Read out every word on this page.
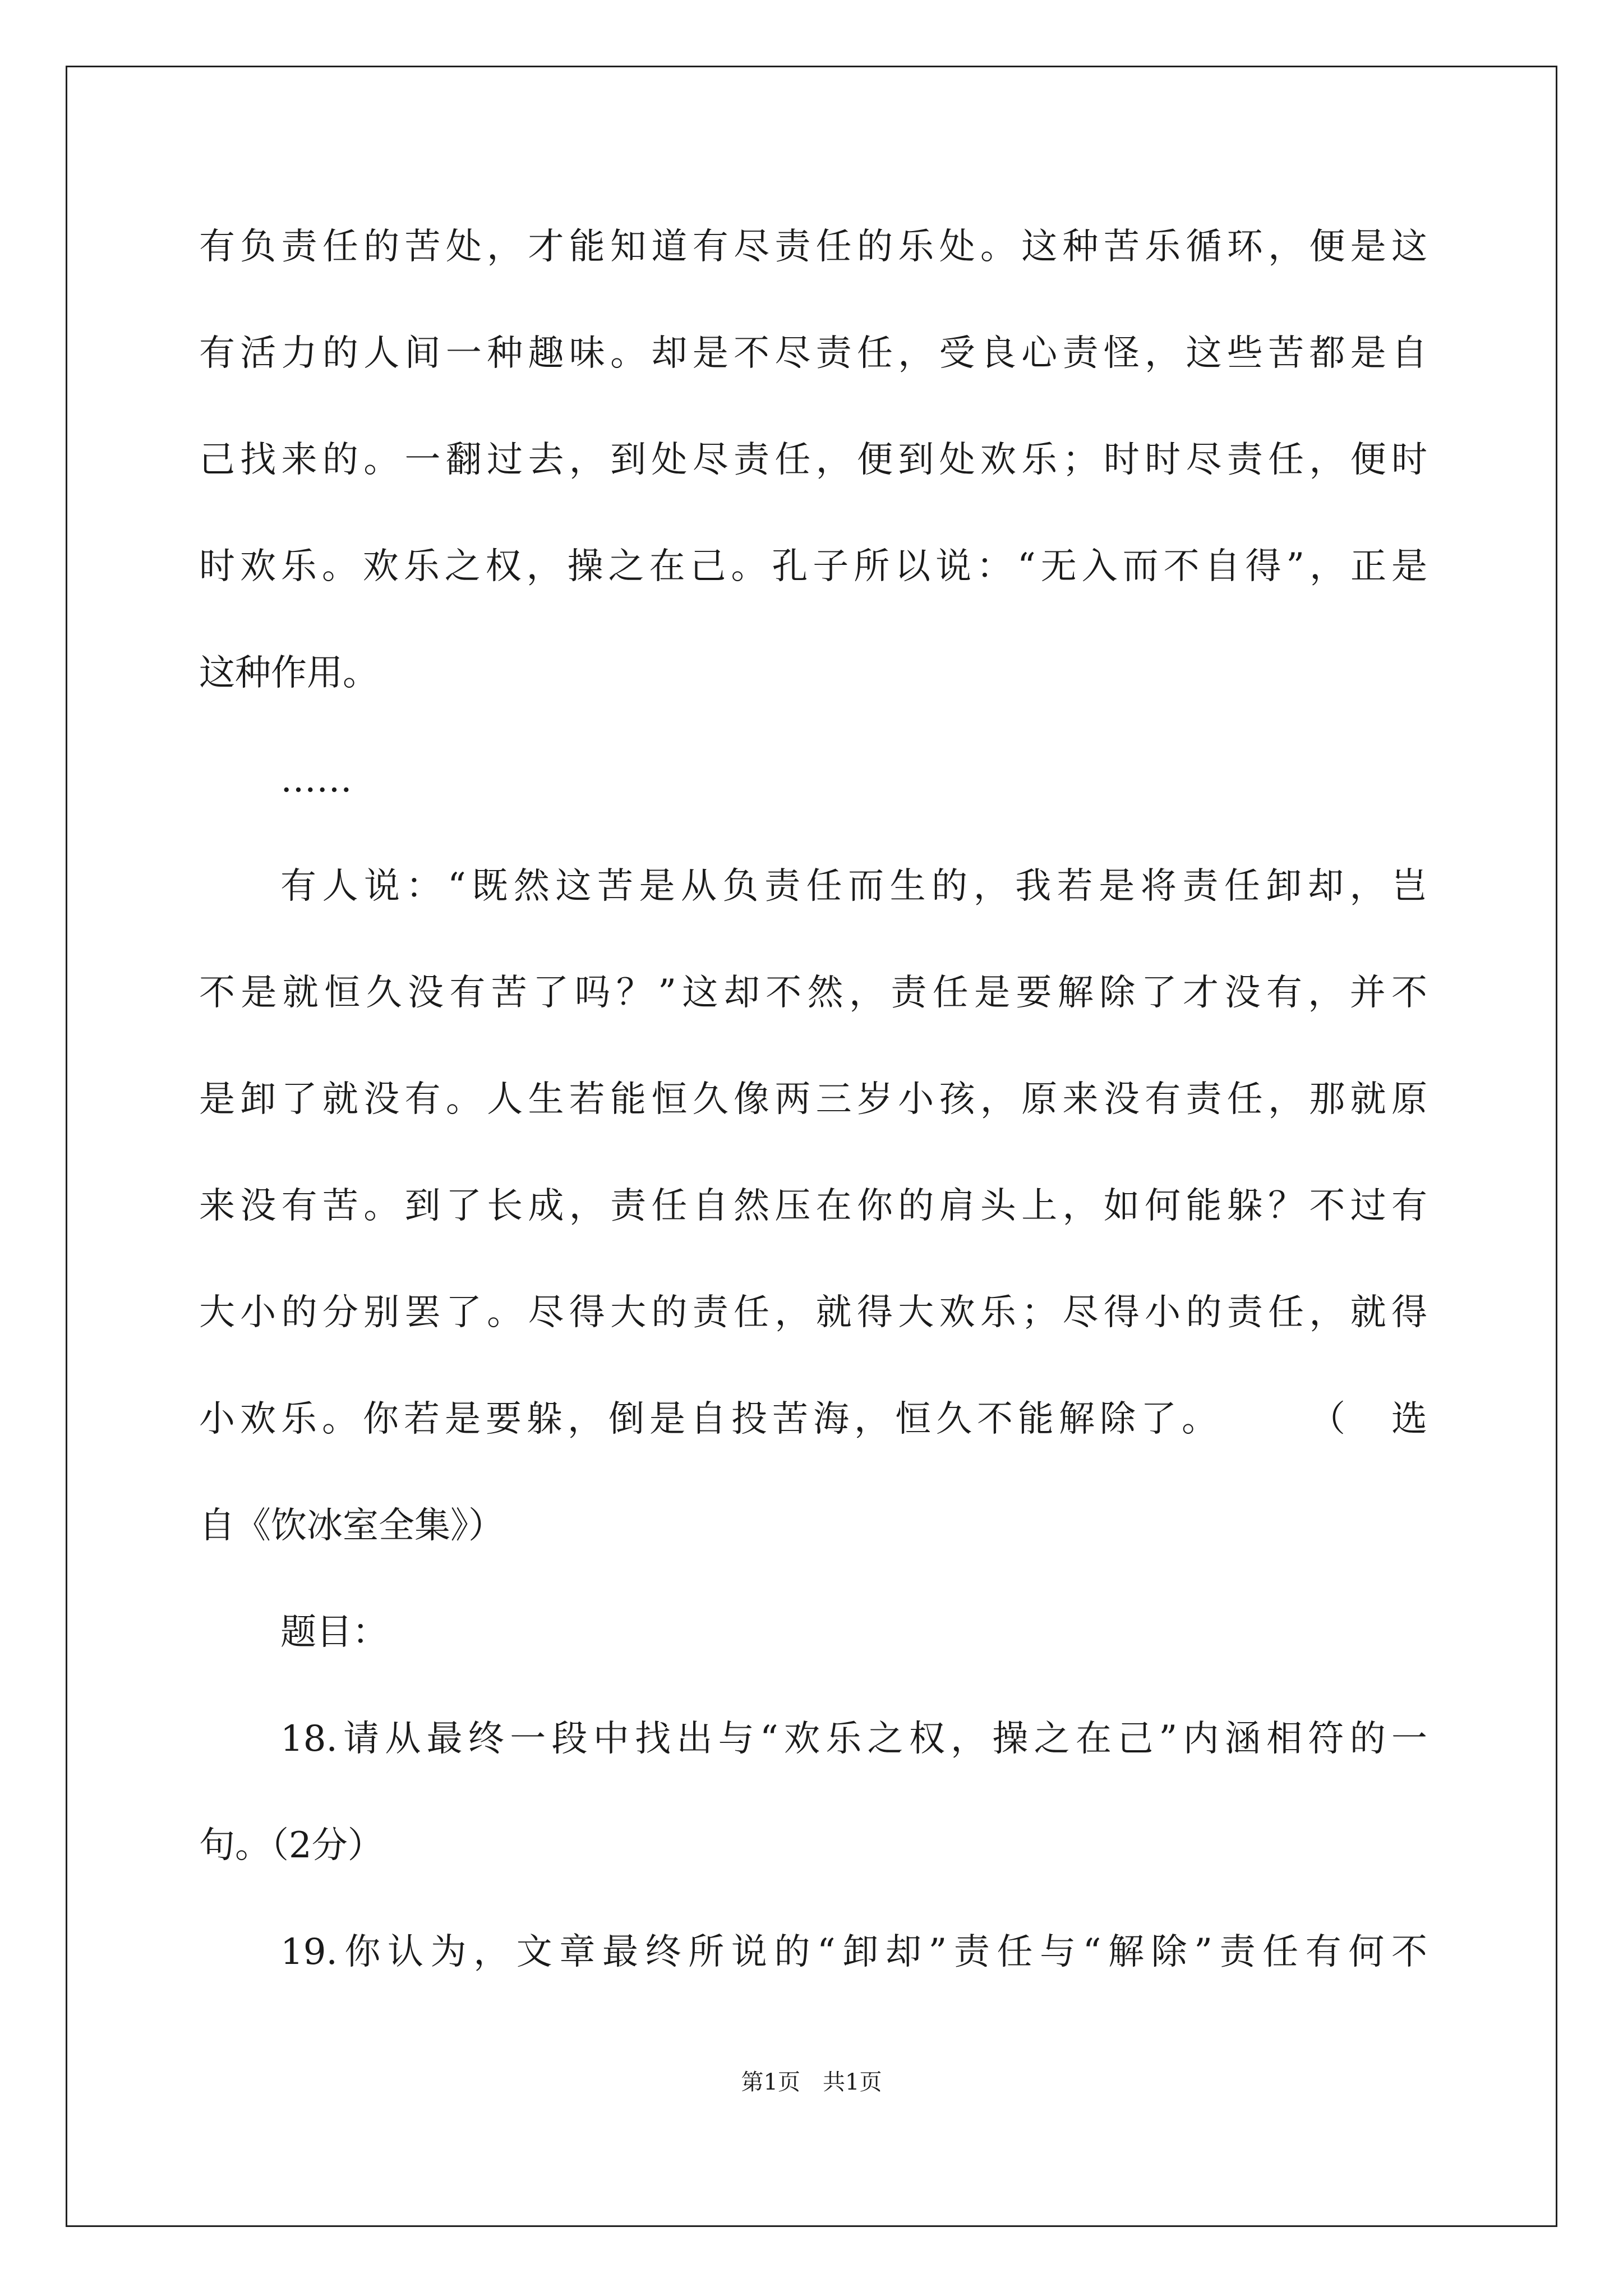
有负责任的苦处，才能知道有尽责任的乐处。这种苦乐循环，便是这
有活力的人间一种趣味。却是不尽责任，受良心责怪，这些苦都是自
己找来的。一翻过去，到处尽责任，便到处欢乐；时时尽责任，便时
时欢乐。欢乐之权，操之在己。孔子所以说：“无入而不自得”，正是
这种作用。
……
有人说：“既然这苦是从负责任而生的，我若是将责任卸却，岂
不是就恒久没有苦了吗？”这却不然，责任是要解除了才没有，并不
是卸了就没有。人生若能恒久像两三岁小孩，原来没有责任，那就原
来没有苦。到了长成，责任自然压在你的肩头上，如何能躲？不过有
大小的分别罢了。尽得大的责任，就得大欢乐；尽得小的责任，就得
小欢乐。你若是要躲，倒是自投苦海，恒久不能解除了。　　　（　选
自《饮冰室全集》）
题目：
18.请从最终一段中找出与“欢乐之权，操之在己”内涵相符的一
句。（2分）
19.你认为，文章最终所说的“卸却”责任与“解除”责任有何不
第1页　共1页
